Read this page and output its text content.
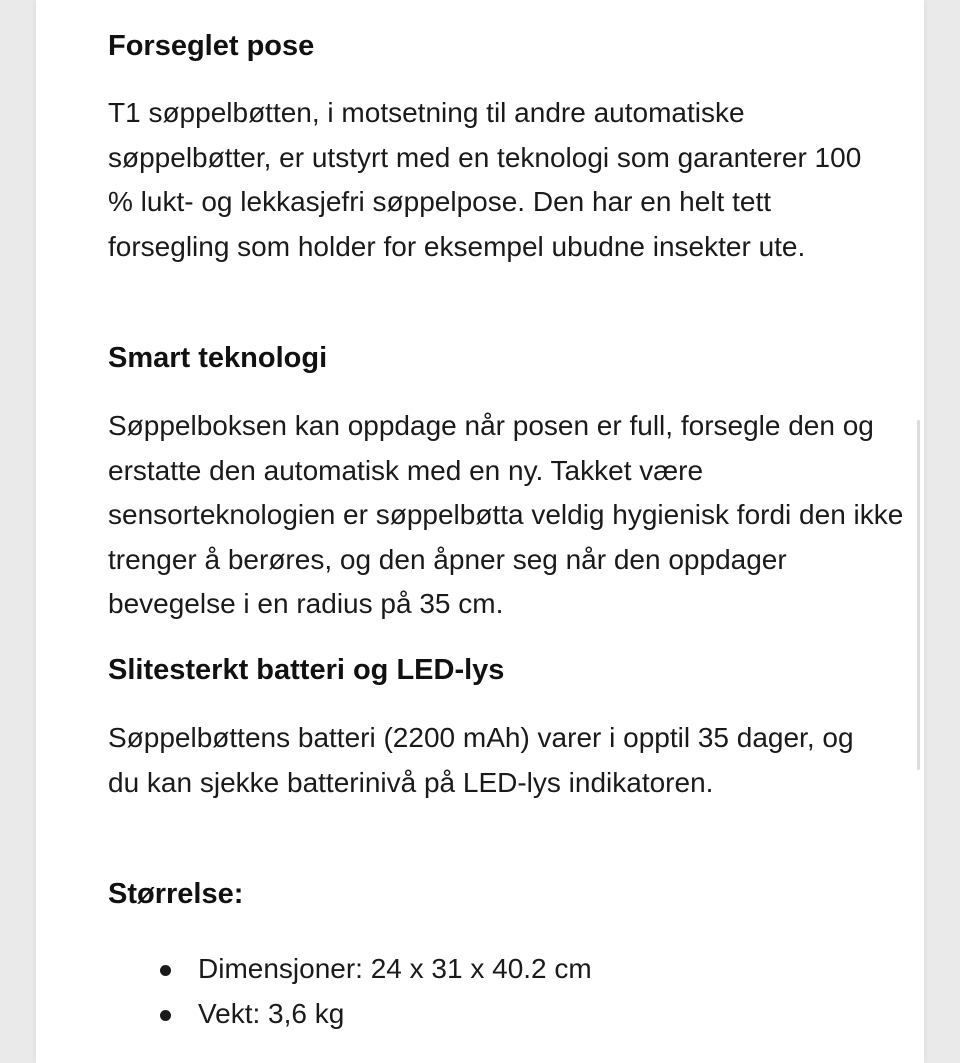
Forseglet pose

T1 søppelbøtten, i motsetning til andre automatiske søppelbøtter, er utstyrt med en teknologi som garanterer 100 % lukt- og lekkasjefri søppelpose. Den har en helt tett forsegling som holder for eksempel ubudne insekter ute.

Smart teknologi

Søppelboksen kan oppdage når posen er full, forsegle den og erstatte den automatisk med en ny. Takket være sensorteknologien er søppelbøtta veldig hygienisk fordi den ikke trenger å berøres, og den åpner seg når den oppdager bevegelse i en radius på 35 cm.

Slitesterkt batteri og LED-lys

Søppelbøttens batteri (2200 mAh) varer i opptil 35 dager, og du kan sjekke batterinivå på LED-lys indikatoren.

Størrelse:
Dimensjoner: 24 x 31 x 40.2 cm
Vekt: 3,6 kg
